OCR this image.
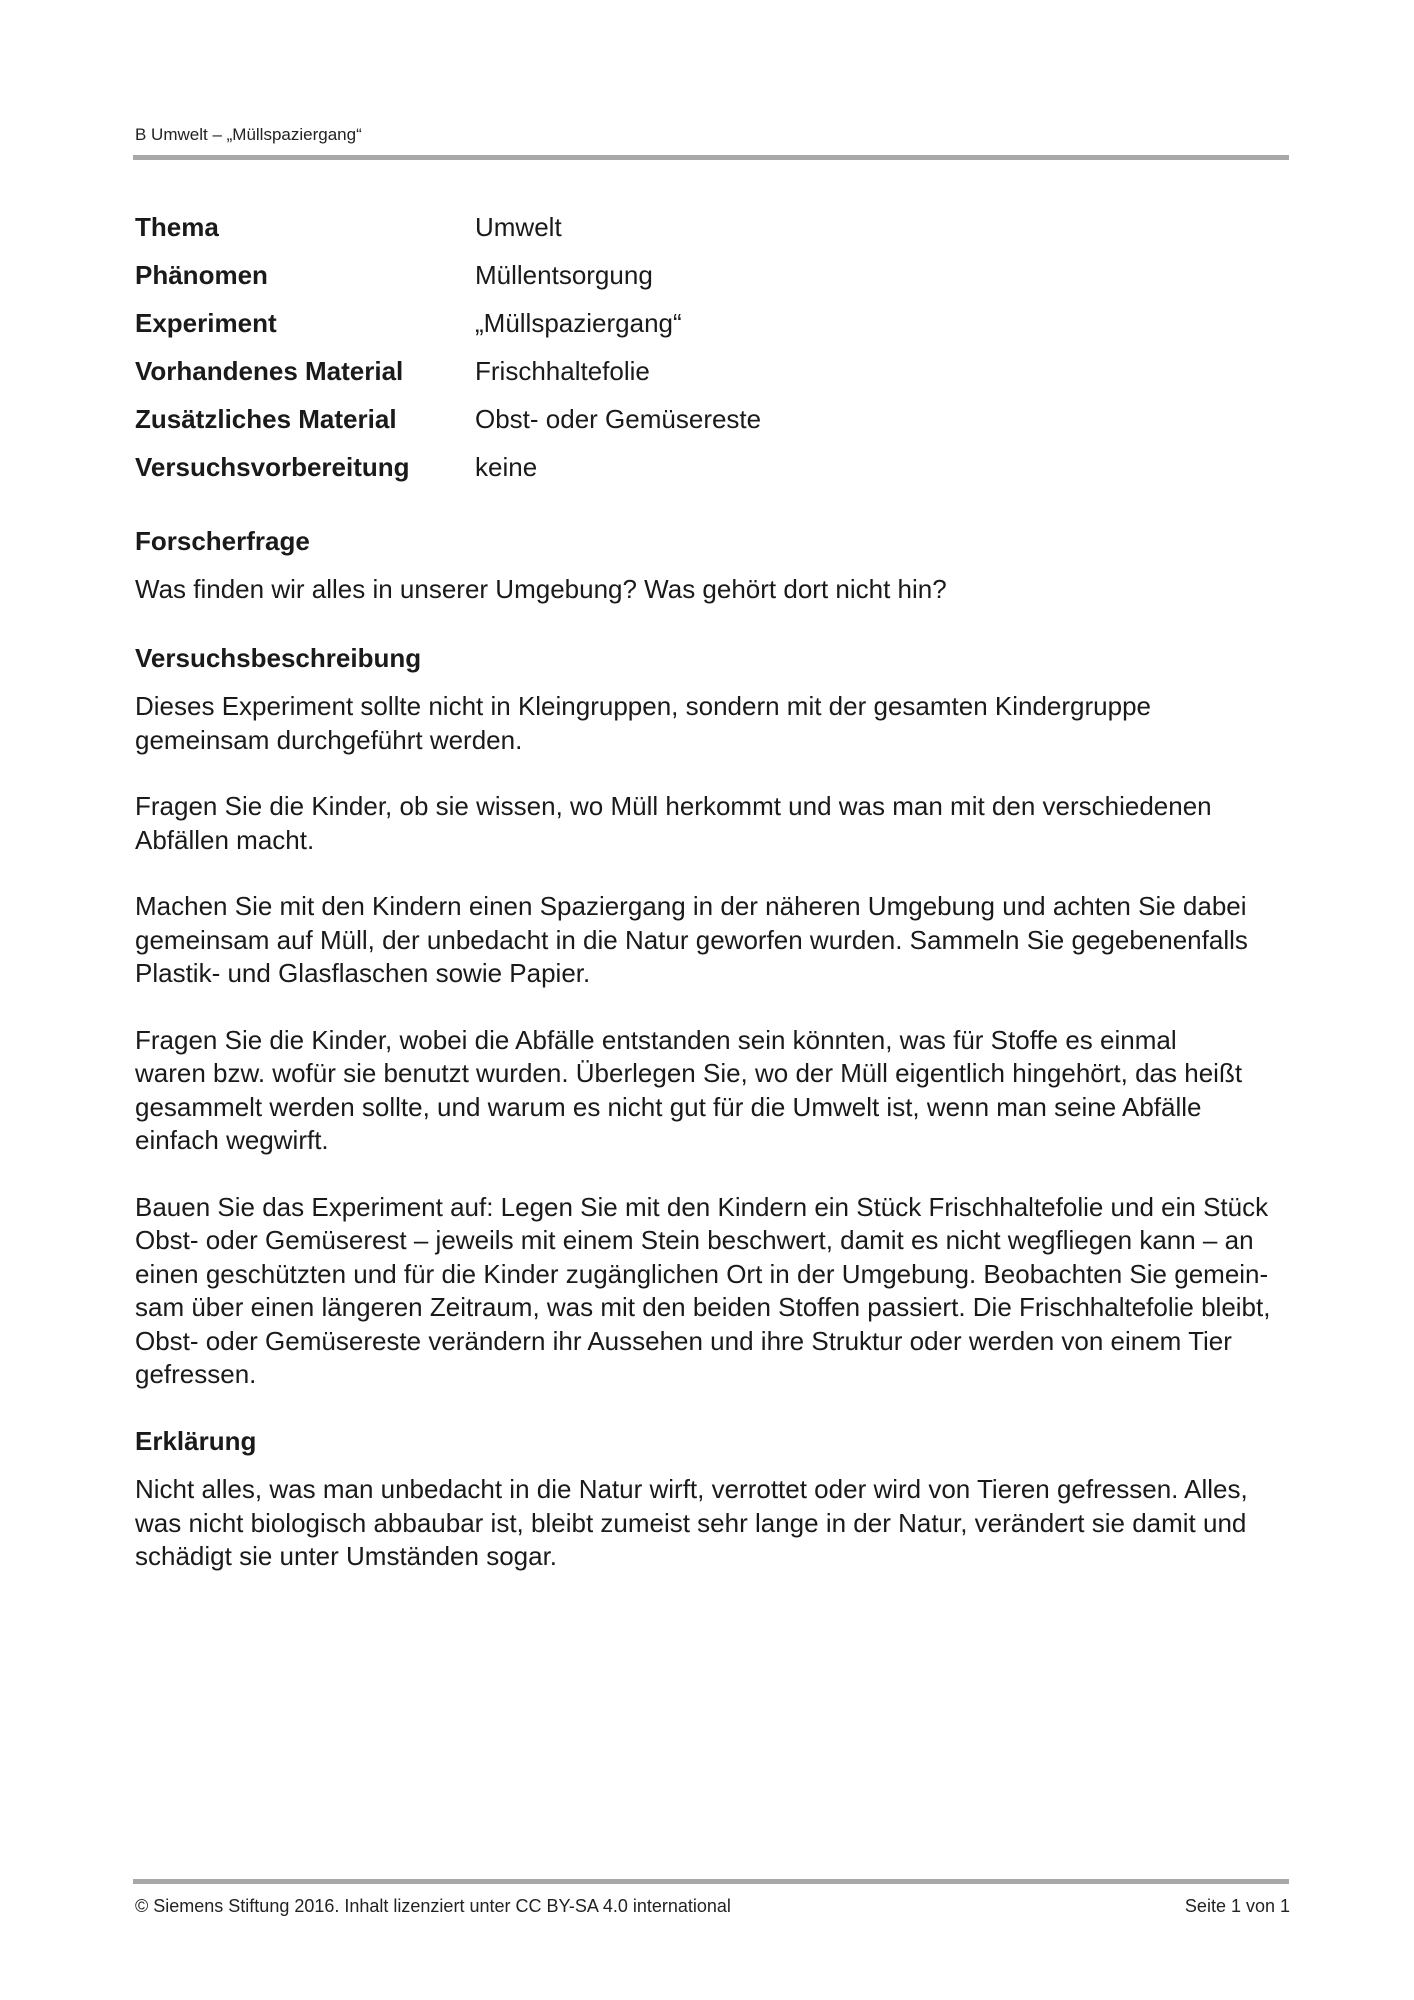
B Umwelt – „Müllspaziergang“
Thema	Umwelt
Phänomen	Müllentsorgung
Experiment	„Müllspaziergang“
Vorhandenes Material	Frischhaltefolie
Zusätzliches Material	Obst- oder Gemüsereste
Versuchsvorbereitung	keine
Forscherfrage

Was finden wir alles in unserer Umgebung? Was gehört dort nicht hin?

Versuchsbeschreibung

Dieses Experiment sollte nicht in Kleingruppen, sondern mit der gesamten Kindergruppe
gemeinsam durchgeführt werden.

Fragen Sie die Kinder, ob sie wissen, wo Müll herkommt und was man mit den verschiedenen
Abfällen macht.

Machen Sie mit den Kindern einen Spaziergang in der näheren Umgebung und achten Sie dabei
gemeinsam auf Müll, der unbedacht in die Natur geworfen wurden. Sammeln Sie gegebenenfalls
Plastik- und Glasflaschen sowie Papier.

Fragen Sie die Kinder, wobei die Abfälle entstanden sein könnten, was für Stoffe es einmal
waren bzw. wofür sie benutzt wurden. Überlegen Sie, wo der Müll eigentlich hingehört, das heißt
gesammelt werden sollte, und warum es nicht gut für die Umwelt ist, wenn man seine Abfälle
einfach wegwirft.

Bauen Sie das Experiment auf: Legen Sie mit den Kindern ein Stück Frischhaltefolie und ein Stück
Obst- oder Gemüserest – jeweils mit einem Stein beschwert, damit es nicht wegfliegen kann – an
einen geschützten und für die Kinder zugänglichen Ort in der Umgebung. Beobachten Sie gemein-
sam über einen längeren Zeitraum, was mit den beiden Stoffen passiert. Die Frischhaltefolie bleibt,
Obst- oder Gemüsereste verändern ihr Aussehen und ihre Struktur oder werden von einem Tier
gefressen.

Erklärung

Nicht alles, was man unbedacht in die Natur wirft, verrottet oder wird von Tieren gefressen. Alles,
was nicht biologisch abbaubar ist, bleibt zumeist sehr lange in der Natur, verändert sie damit und
schädigt sie unter Umständen sogar.

© Siemens Stiftung 2016. Inhalt lizenziert unter CC BY-SA 4.0 international	Seite 1 von 1
